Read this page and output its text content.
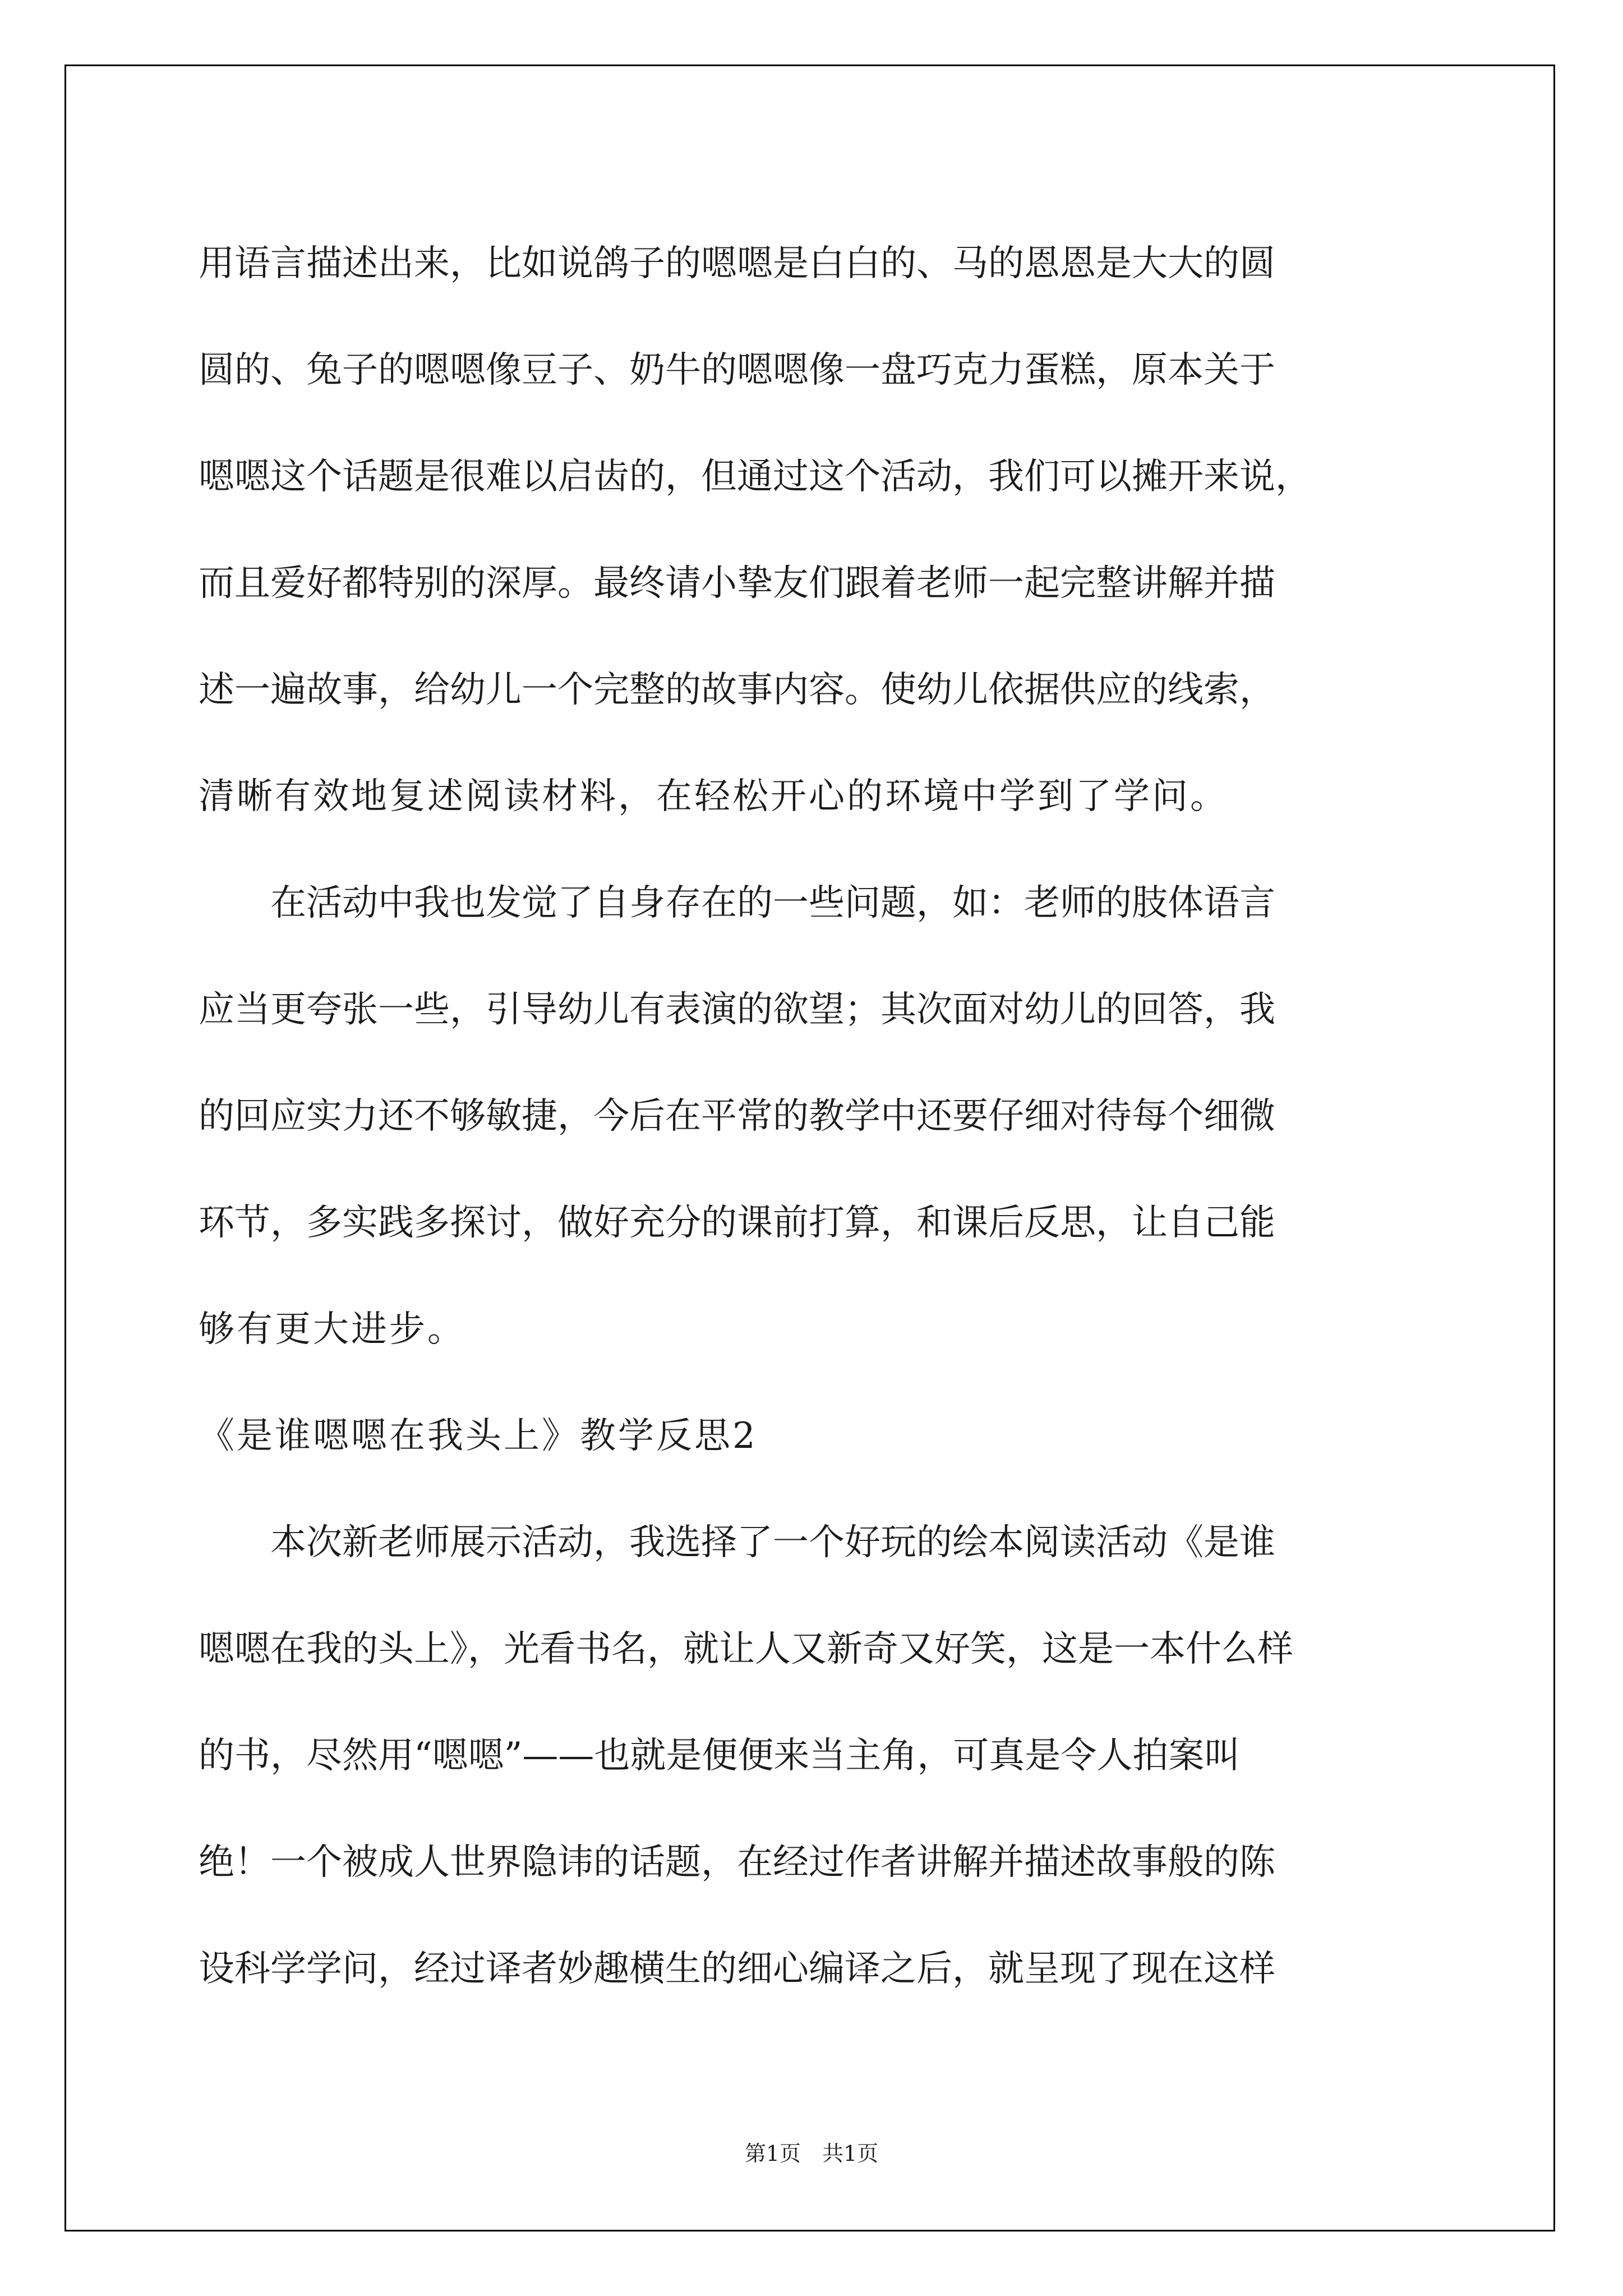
用语言描述出来，比如说鸽子的嗯嗯是白白的、马的恩恩是大大的圆
圆的、兔子的嗯嗯像豆子、奶牛的嗯嗯像一盘巧克力蛋糕，原本关于
嗯嗯这个话题是很难以启齿的，但通过这个活动，我们可以摊开来说，
而且爱好都特别的深厚。最终请小挚友们跟着老师一起完整讲解并描
述一遍故事，给幼儿一个完整的故事内容。使幼儿依据供应的线索，
清晰有效地复述阅读材料，在轻松开心的环境中学到了学问。
　　在活动中我也发觉了自身存在的一些问题，如：老师的肢体语言
应当更夸张一些，引导幼儿有表演的欲望；其次面对幼儿的回答，我
的回应实力还不够敏捷，今后在平常的教学中还要仔细对待每个细微
环节，多实践多探讨，做好充分的课前打算，和课后反思，让自己能
够有更大进步。
《是谁嗯嗯在我头上》教学反思2
　　本次新老师展示活动，我选择了一个好玩的绘本阅读活动《是谁
嗯嗯在我的头上》，光看书名，就让人又新奇又好笑，这是一本什么样
的书，尽然用“嗯嗯”——也就是便便来当主角，可真是令人拍案叫
绝！一个被成人世界隐讳的话题，在经过作者讲解并描述故事般的陈
设科学学问，经过译者妙趣横生的细心编译之后，就呈现了现在这样
第1页　共1页
